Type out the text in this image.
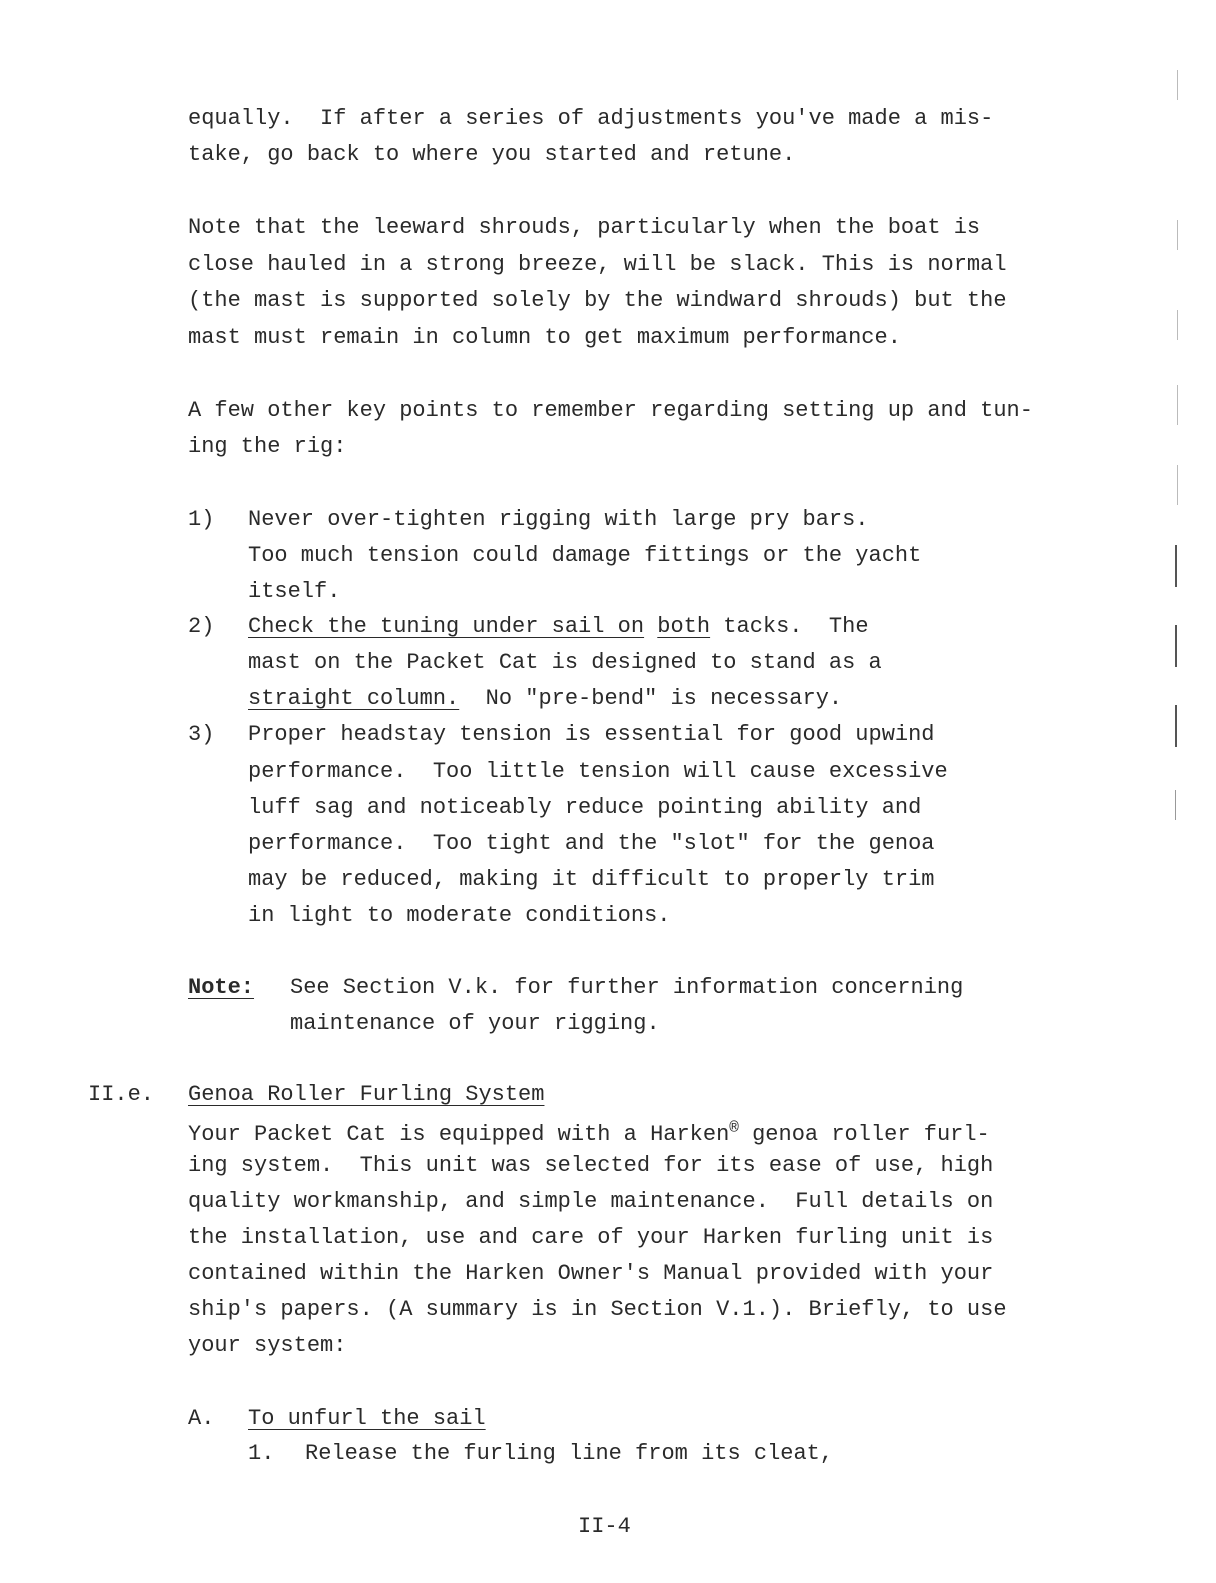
equally.  If after a series of adjustments you've made a mis-
take, go back to where you started and retune.
Note that the leeward shrouds, particularly when the boat is
close hauled in a strong breeze, will be slack. This is normal
(the mast is supported solely by the windward shrouds) but the
mast must remain in column to get maximum performance.
A few other key points to remember regarding setting up and tun-
ing the rig:
1) Never over-tighten rigging with large pry bars.
Too much tension could damage fittings or the yacht
itself.
2) Check the tuning under sail on both tacks.  The
mast on the Packet Cat is designed to stand as a
straight column.  No "pre-bend" is necessary.
3) Proper headstay tension is essential for good upwind
performance.  Too little tension will cause excessive
luff sag and noticeably reduce pointing ability and
performance.  Too tight and the "slot" for the genoa
may be reduced, making it difficult to properly trim
in light to moderate conditions.
Note: See Section V.k. for further information concerning
maintenance of your rigging.
II.e. Genoa Roller Furling System
Your Packet Cat is equipped with a Harken® genoa roller furl-
ing system.  This unit was selected for its ease of use, high
quality workmanship, and simple maintenance.  Full details on
the installation, use and care of your Harken furling unit is
contained within the Harken Owner's Manual provided with your
ship's papers. (A summary is in Section V.1.). Briefly, to use
your system:
A. To unfurl the sail
1. Release the furling line from its cleat,
II-4
